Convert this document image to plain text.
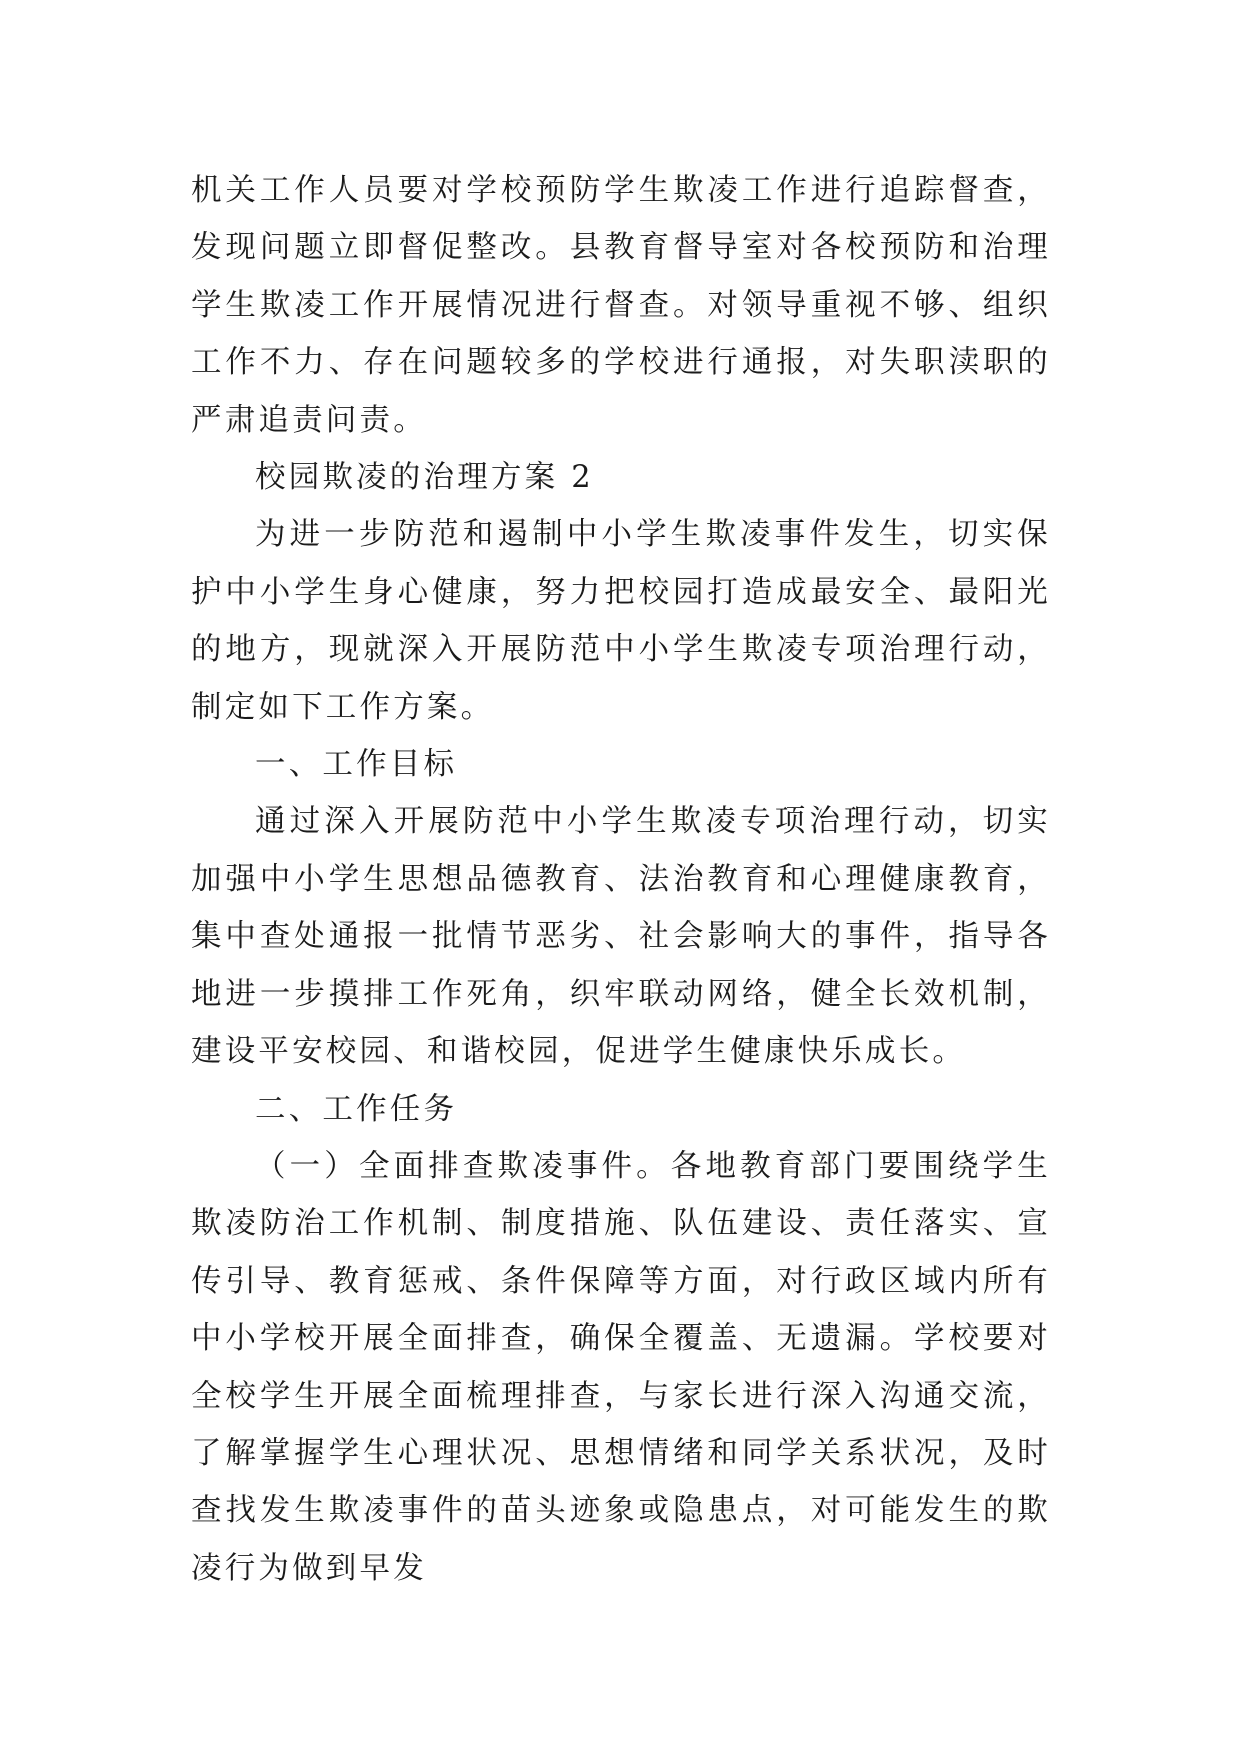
机关工作人员要对学校预防学生欺凌工作进行追踪督查，发现问题立即督促整改。县教育督导室对各校预防和治理学生欺凌工作开展情况进行督查。对领导重视不够、组织工作不力、存在问题较多的学校进行通报，对失职渎职的严肃追责问责。

校园欺凌的治理方案 2

为进一步防范和遏制中小学生欺凌事件发生，切实保护中小学生身心健康，努力把校园打造成最安全、最阳光的地方，现就深入开展防范中小学生欺凌专项治理行动，制定如下工作方案。

一、工作目标

通过深入开展防范中小学生欺凌专项治理行动，切实加强中小学生思想品德教育、法治教育和心理健康教育，集中查处通报一批情节恶劣、社会影响大的事件，指导各地进一步摸排工作死角，织牢联动网络，健全长效机制，建设平安校园、和谐校园，促进学生健康快乐成长。

二、工作任务

（一）全面排查欺凌事件。各地教育部门要围绕学生欺凌防治工作机制、制度措施、队伍建设、责任落实、宣传引导、教育惩戒、条件保障等方面，对行政区域内所有中小学校开展全面排查，确保全覆盖、无遗漏。学校要对全校学生开展全面梳理排查，与家长进行深入沟通交流，了解掌握学生心理状况、思想情绪和同学关系状况，及时查找发生欺凌事件的苗头迹象或隐患点，对可能发生的欺凌行为做到早发
